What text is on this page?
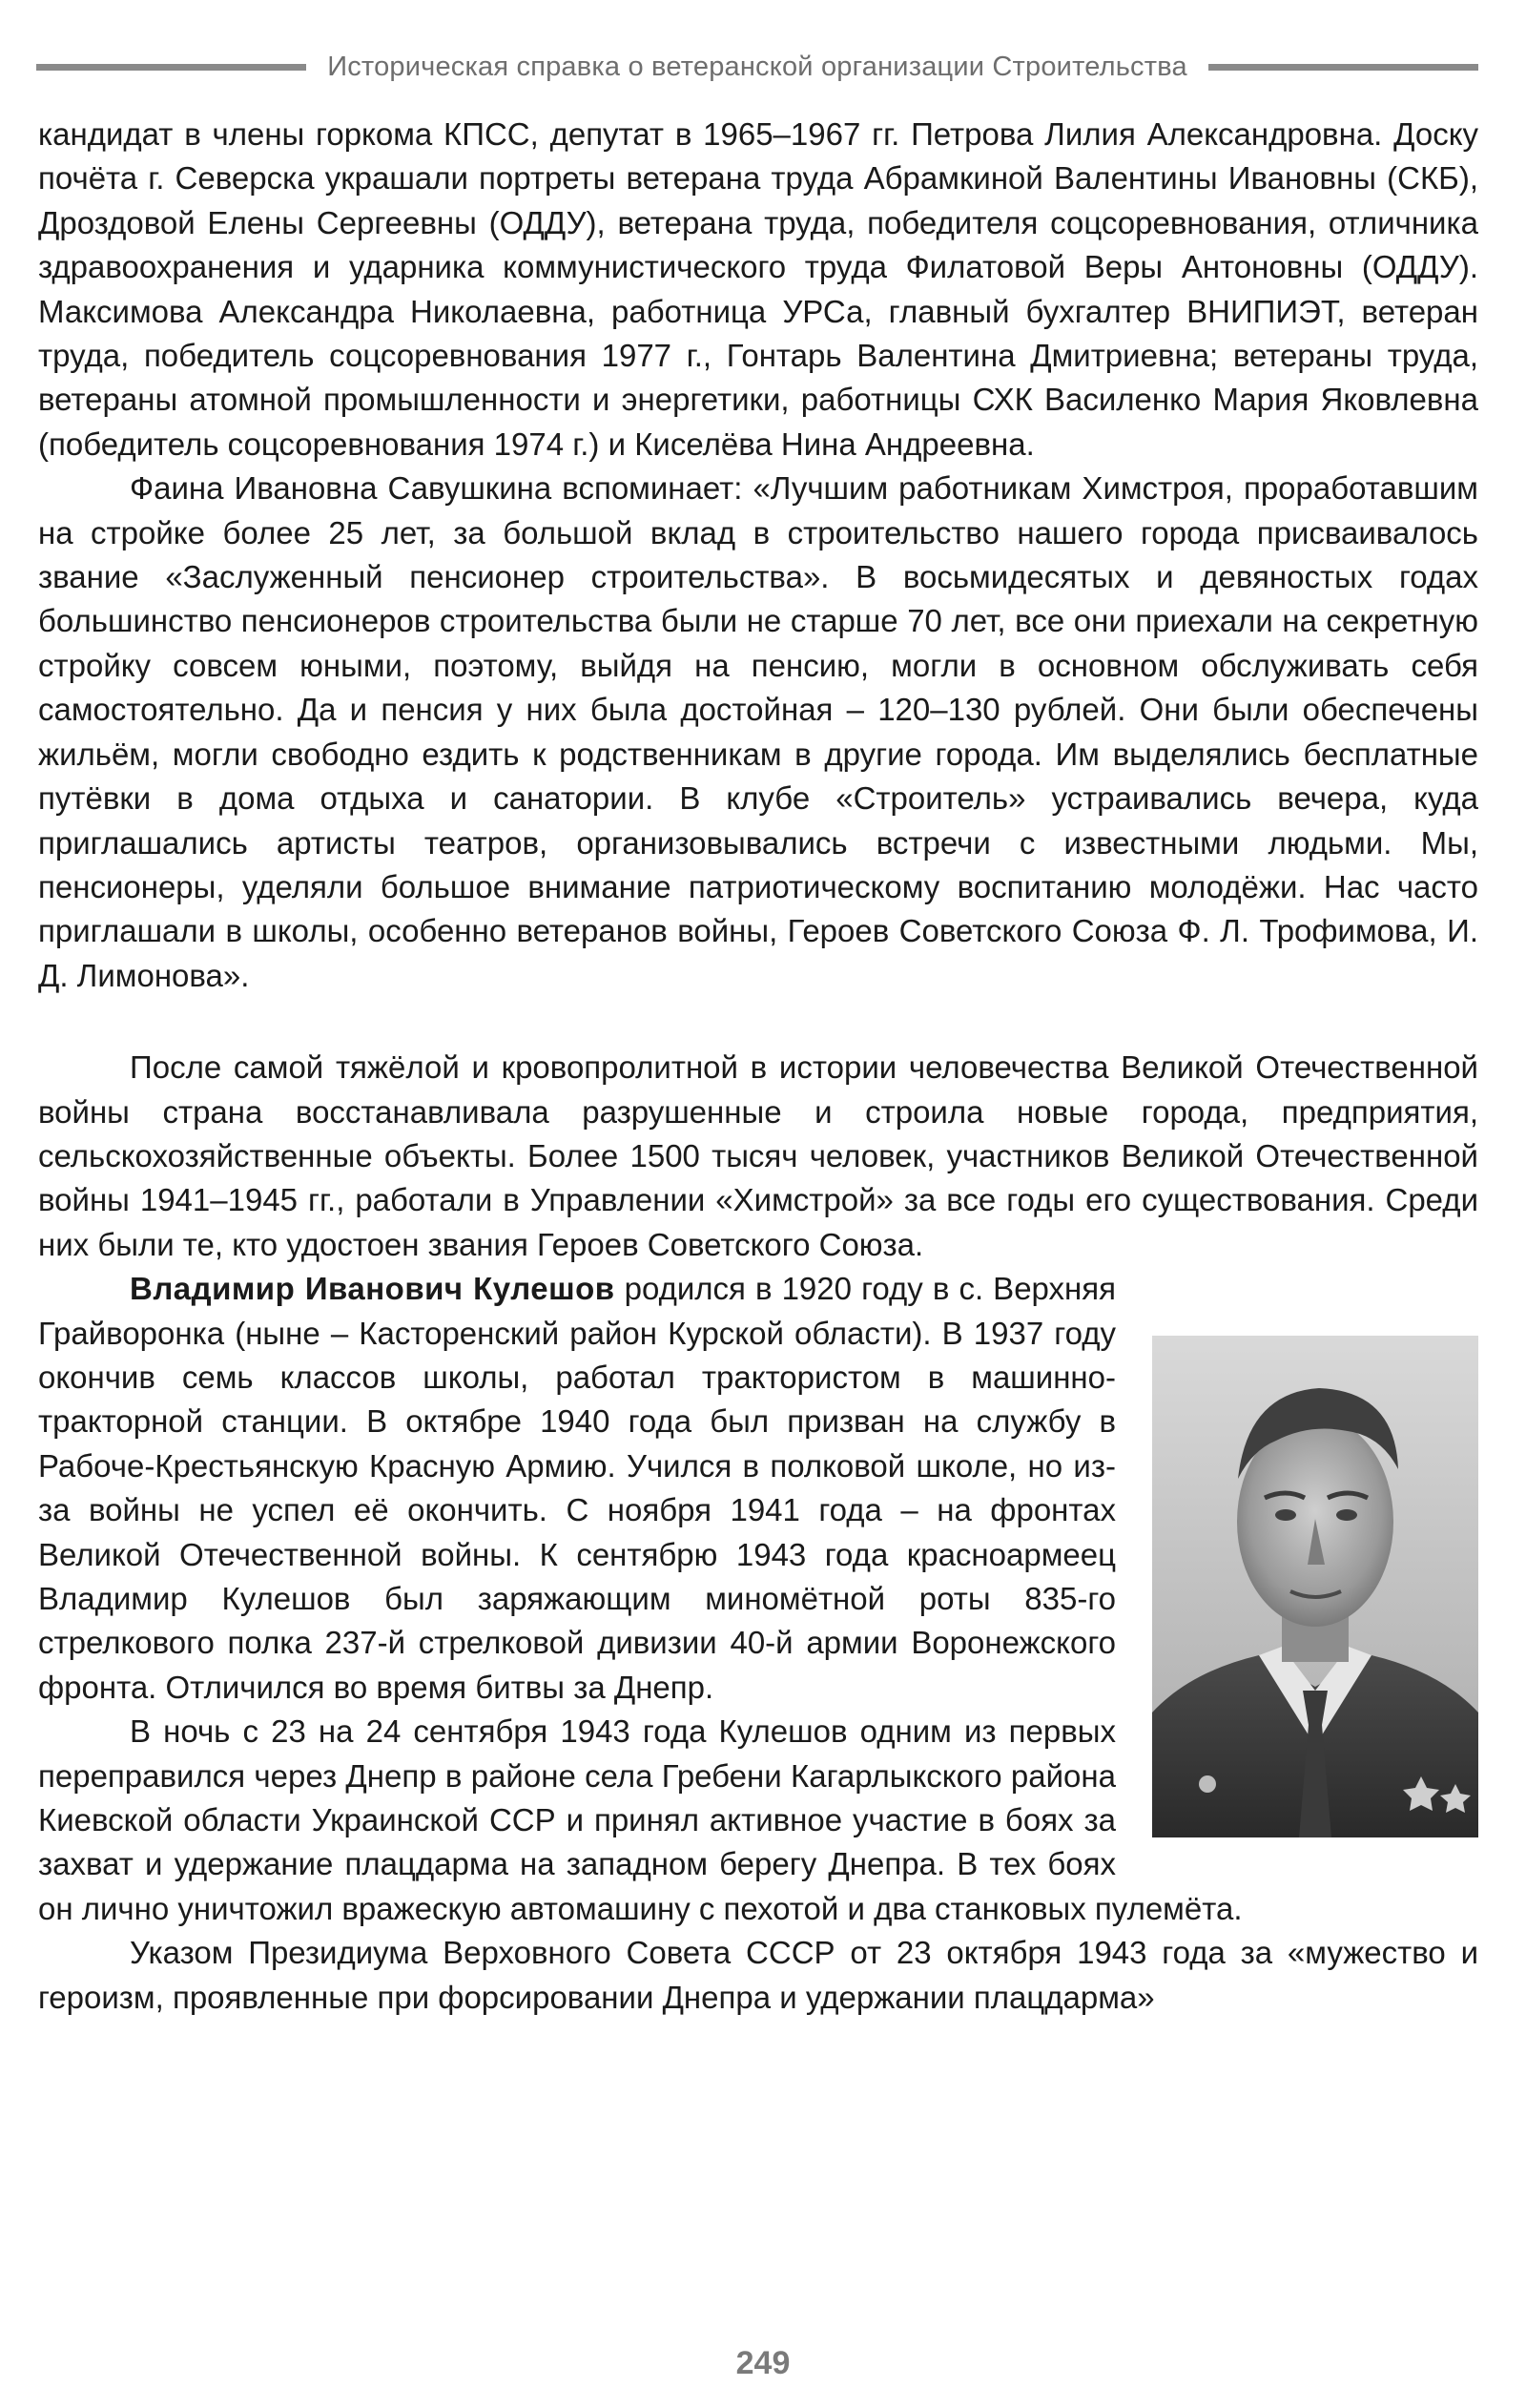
Историческая справка о ветеранской организации Строительства

кандидат в члены горкома КПСС, депутат в 1965–1967 гг. Петрова Лилия Александровна. Доску почёта г. Северска украшали портреты ветерана труда Абрамкиной Валентины Ивановны (СКБ), Дроздовой Елены Сергеевны (ОДДУ), ветерана труда, победителя соцсоревнования, отличника здравоохранения и ударника коммунистического труда Филатовой Веры Антоновны (ОДДУ). Максимова Александра Николаевна, работница УРСа, главный бухгалтер ВНИПИЭТ, ветеран труда, победитель соцсоревнования 1977 г., Гонтарь Валентина Дмитриевна; ветераны труда, ветераны атомной промышленности и энергетики, работницы СХК Василенко Мария Яковлевна (победитель соцсоревнования 1974 г.) и Киселёва Нина Андреевна.

Фаина Ивановна Савушкина вспоминает: «Лучшим работникам Химстроя, проработавшим на стройке более 25 лет, за большой вклад в строительство нашего города присваивалось звание «Заслуженный пенсионер строительства». В восьмидесятых и девяностых годах большинство пенсионеров строительства были не старше 70 лет, все они приехали на секретную стройку совсем юными, поэтому, выйдя на пенсию, могли в основном обслуживать себя самостоятельно. Да и пенсия у них была достойная – 120–130 рублей. Они были обеспечены жильём, могли свободно ездить к родственникам в другие города. Им выделялись бесплатные путёвки в дома отдыха и санатории. В клубе «Строитель» устраивались вечера, куда приглашались артисты театров, организовывались встречи с известными людьми. Мы, пенсионеры, уделяли большое внимание патриотическому воспитанию молодёжи. Нас часто приглашали в школы, особенно ветеранов войны, Героев Советского Союза Ф. Л. Трофимова, И. Д. Лимонова».

После самой тяжёлой и кровопролитной в истории человечества Великой Отечественной войны страна восстанавливала разрушенные и строила новые города, предприятия, сельскохозяйственные объекты. Более 1500 тысяч человек, участников Великой Отечественной войны 1941–1945 гг., работали в Управлении «Химстрой» за все годы его существования. Среди них были те, кто удостоен звания Героев Советского Союза.

Владимир Иванович Кулешов родился в 1920 году в с. Верхняя Грайворонка (ныне – Касторенский район Курской области). В 1937 году окончив семь классов школы, работал трактористом в машинно-тракторной станции. В октябре 1940 года был призван на службу в Рабоче-Крестьянскую Красную Армию. Учился в полковой школе, но из-за войны не успел её окончить. С ноября 1941 года – на фронтах Великой Отечественной войны. К сентябрю 1943 года красноармеец Владимир Кулешов был заряжающим миномётной роты 835-го стрелкового полка 237-й стрелковой дивизии 40-й армии Воронежского фронта. Отличился во время битвы за Днепр.

В ночь с 23 на 24 сентября 1943 года Кулешов одним из первых переправился через Днепр в районе села Гребени Кагарлыкского района Киевской области Украинской ССР и принял активное участие в боях за захват и удержание плацдарма на западном берегу Днепра. В тех боях он лично уничтожил вражескую автомашину с пехотой и два станковых пулемёта.

Указом Президиума Верховного Совета СССР от 23 октября 1943 года за «мужество и героизм, проявленные при форсировании Днепра и удержании плацдарма»

249
